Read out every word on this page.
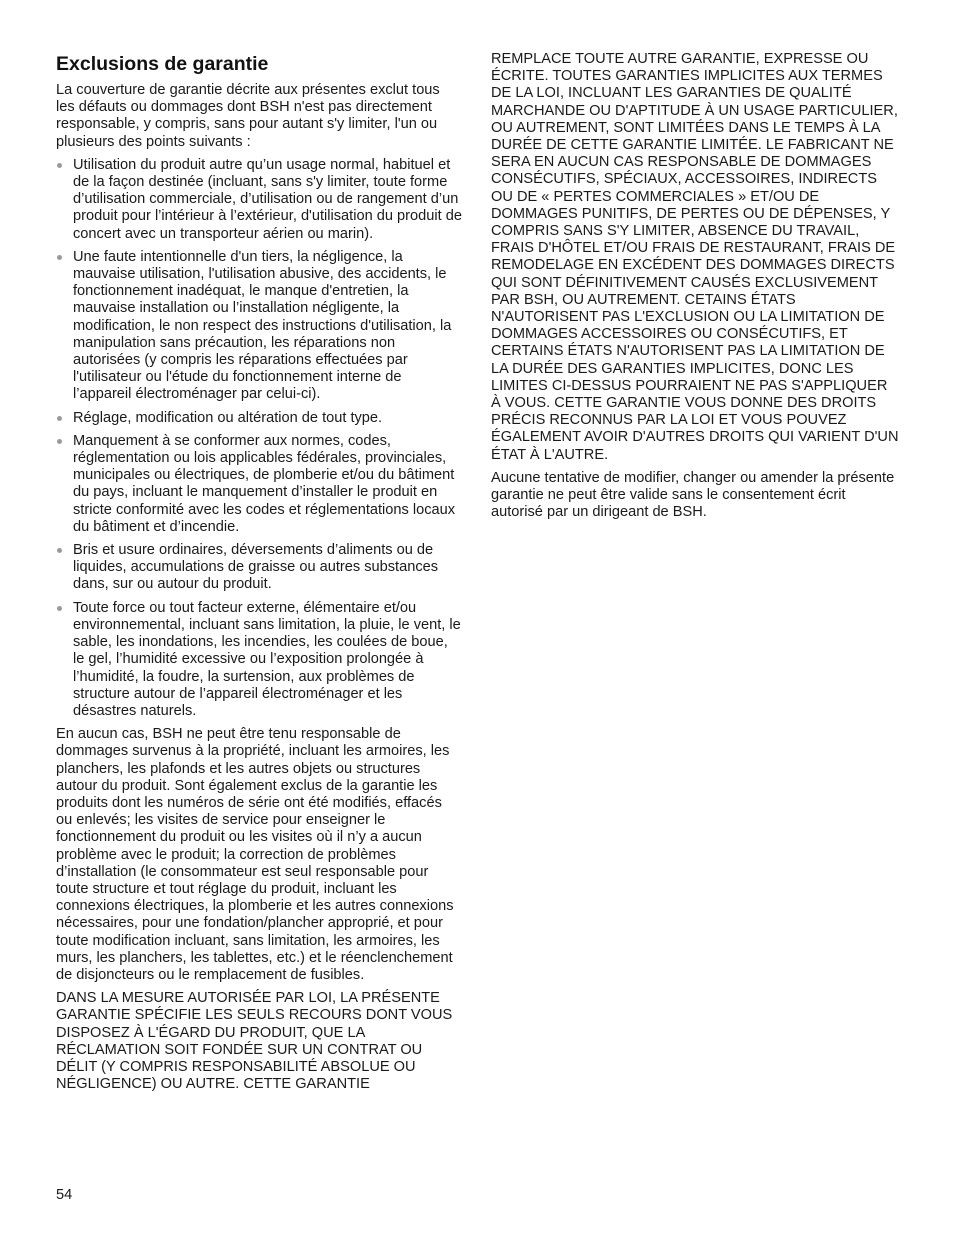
Exclusions de garantie

La couverture de garantie décrite aux présentes exclut tous les défauts ou dommages dont BSH n'est pas directement responsable, y compris, sans pour autant s'y limiter, l'un ou plusieurs des points suivants :

Utilisation du produit autre qu’un usage normal, habituel et de la façon destinée (incluant, sans s'y limiter, toute forme d’utilisation commerciale, d’utilisation ou de rangement d’un produit pour l’intérieur à l’extérieur, d'utilisation du produit de concert avec un transporteur aérien ou marin).
Une faute intentionnelle d'un tiers, la négligence, la mauvaise utilisation, l'utilisation abusive, des accidents, le fonctionnement inadéquat, le manque d'entretien, la mauvaise installation ou l’installation négligente, la modification, le non respect des instructions d'utilisation, la manipulation sans précaution, les réparations non autorisées (y compris les réparations effectuées par l'utilisateur ou l'étude du fonctionnement interne de l’appareil électroménager par celui-ci).
Réglage, modification ou altération de tout type.
Manquement à se conformer aux normes, codes, réglementation ou lois applicables fédérales, provinciales, municipales ou électriques, de plomberie et/ou du bâtiment du pays, incluant le manquement d’installer le produit en stricte conformité avec les codes et réglementations locaux du bâtiment et d’incendie.
Bris et usure ordinaires, déversements d’aliments ou de liquides, accumulations de graisse ou autres substances dans, sur ou autour du produit.
Toute force ou tout facteur externe, élémentaire et/ou environnemental, incluant sans limitation, la pluie, le vent, le sable, les inondations, les incendies, les coulées de boue, le gel, l’humidité excessive ou l’exposition prolongée à l’humidité, la foudre, la surtension, aux problèmes de structure autour de l’appareil électroménager et les désastres naturels.

En aucun cas, BSH ne peut être tenu responsable de dommages survenus à la propriété, incluant les armoires, les planchers, les plafonds et les autres objets ou structures autour du produit. Sont également exclus de la garantie les produits dont les numéros de série ont été modifiés, effacés ou enlevés; les visites de service pour enseigner le fonctionnement du produit ou les visites où il n’y a aucun problème avec le produit; la correction de problèmes d’installation (le consommateur est seul responsable pour toute structure et tout réglage du produit, incluant les connexions électriques, la plomberie et les autres connexions nécessaires, pour une fondation/plancher approprié, et pour toute modification incluant, sans limitation, les armoires, les murs, les planchers, les tablettes, etc.) et le réenclenchement de disjoncteurs ou le remplacement de fusibles.

DANS LA MESURE AUTORISÉE PAR LOI, LA PRÉSENTE GARANTIE SPÉCIFIE LES SEULS RECOURS DONT VOUS DISPOSEZ À L'ÉGARD DU PRODUIT, QUE LA RÉCLAMATION SOIT FONDÉE SUR UN CONTRAT OU DÉLIT (Y COMPRIS RESPONSABILITÉ ABSOLUE OU NÉGLIGENCE) OU AUTRE. CETTE GARANTIE

REMPLACE TOUTE AUTRE GARANTIE, EXPRESSE OU ÉCRITE. TOUTES GARANTIES IMPLICITES AUX TERMES DE LA LOI, INCLUANT LES GARANTIES DE QUALITÉ MARCHANDE OU D'APTITUDE À UN USAGE PARTICULIER, OU AUTREMENT, SONT LIMITÉES DANS LE TEMPS À LA DURÉE DE CETTE GARANTIE LIMITÉE. LE FABRICANT NE SERA EN AUCUN CAS RESPONSABLE DE DOMMAGES CONSÉCUTIFS, SPÉCIAUX, ACCESSOIRES, INDIRECTS OU DE « PERTES COMMERCIALES » ET/OU DE DOMMAGES PUNITIFS, DE PERTES OU DE DÉPENSES, Y COMPRIS SANS S'Y LIMITER, ABSENCE DU TRAVAIL, FRAIS D'HÔTEL ET/OU FRAIS DE RESTAURANT, FRAIS DE REMODELAGE EN EXCÉDENT DES DOMMAGES DIRECTS QUI SONT DÉFINITIVEMENT CAUSÉS EXCLUSIVEMENT PAR BSH, OU AUTREMENT. CETAINS ÉTATS N'AUTORISENT PAS L'EXCLUSION OU LA LIMITATION DE DOMMAGES ACCESSOIRES OU CONSÉCUTIFS, ET CERTAINS ÉTATS N'AUTORISENT PAS LA LIMITATION DE LA DURÉE DES GARANTIES IMPLICITES, DONC LES LIMITES CI-DESSUS POURRAIENT NE PAS S'APPLIQUER À VOUS. CETTE GARANTIE VOUS DONNE DES DROITS

PRÉCIS RECONNUS PAR LA LOI ET VOUS POUVEZ ÉGALEMENT AVOIR D'AUTRES DROITS QUI VARIENT D'UN ÉTAT À L'AUTRE.

Aucune tentative de modifier, changer ou amender la présente garantie ne peut être valide sans le consentement écrit autorisé par un dirigeant de BSH.

54
